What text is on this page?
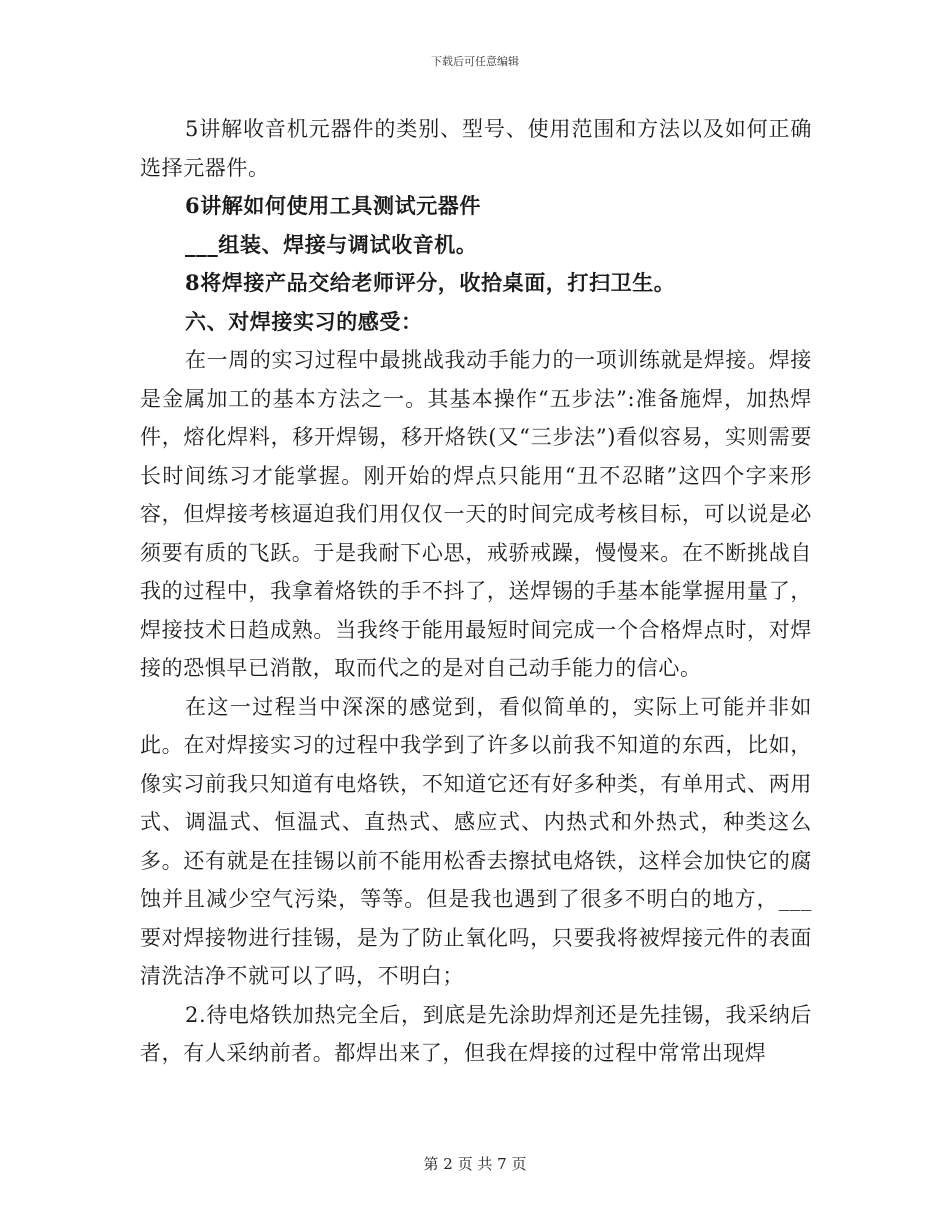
下载后可任意编辑

5讲解收音机元器件的类别、型号、使用范围和方法以及如何正确选择元器件。

6讲解如何使用工具测试元器件

___组装、焊接与调试收音机。

8将焊接产品交给老师评分，收拾桌面，打扫卫生。

六、对焊接实习的感受：

在一周的实习过程中最挑战我动手能力的一项训练就是焊接。焊接是金属加工的基本方法之一。其基本操作“五步法”:准备施焊，加热焊件，熔化焊料，移开焊锡，移开烙铁(又“三步法”)看似容易，实则需要长时间练习才能掌握。刚开始的焊点只能用“丑不忍睹”这四个字来形容，但焊接考核逼迫我们用仅仅一天的时间完成考核目标，可以说是必须要有质的飞跃。于是我耐下心思，戒骄戒躁，慢慢来。在不断挑战自我的过程中，我拿着烙铁的手不抖了，送焊锡的手基本能掌握用量了，焊接技术日趋成熟。当我终于能用最短时间完成一个合格焊点时，对焊接的恐惧早已消散，取而代之的是对自己动手能力的信心。

在这一过程当中深深的感觉到，看似简单的，实际上可能并非如此。在对焊接实习的过程中我学到了许多以前我不知道的东西，比如，像实习前我只知道有电烙铁，不知道它还有好多种类，有单用式、两用式、调温式、恒温式、直热式、感应式、内热式和外热式，种类这么多。还有就是在挂锡以前不能用松香去擦拭电烙铁，这样会加快它的腐蚀并且减少空气污染，等等。但是我也遇到了很多不明白的地方，___要对焊接物进行挂锡，是为了防止氧化吗，只要我将被焊接元件的表面清洗洁净不就可以了吗，不明白；

2.待电烙铁加热完全后，到底是先涂助焊剂还是先挂锡，我采纳后者，有人采纳前者。都焊出来了，但我在焊接的过程中常常出现焊

第 2 页 共 7 页
